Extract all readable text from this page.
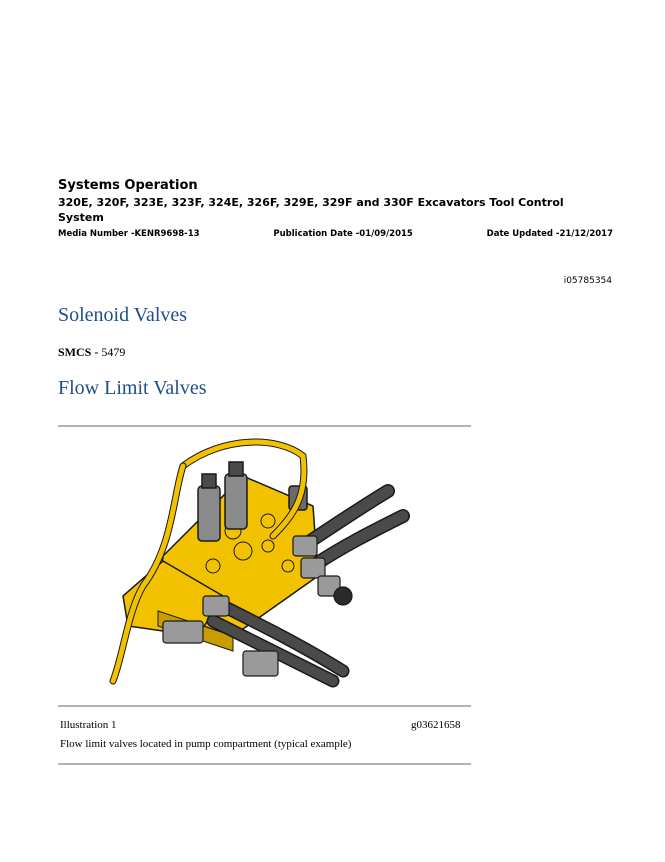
Systems Operation

320E, 320F, 323E, 323F, 324E, 326F, 329E, 329F and 330F Excavators Tool Control System

Media Number -KENR9698-13	Publication Date -01/09/2015	Date Updated -21/12/2017
i05785354
Solenoid Valves
SMCS - 5479
Flow Limit Valves
Illustration 1	g03621658
Flow limit valves located in pump compartment (typical example)
